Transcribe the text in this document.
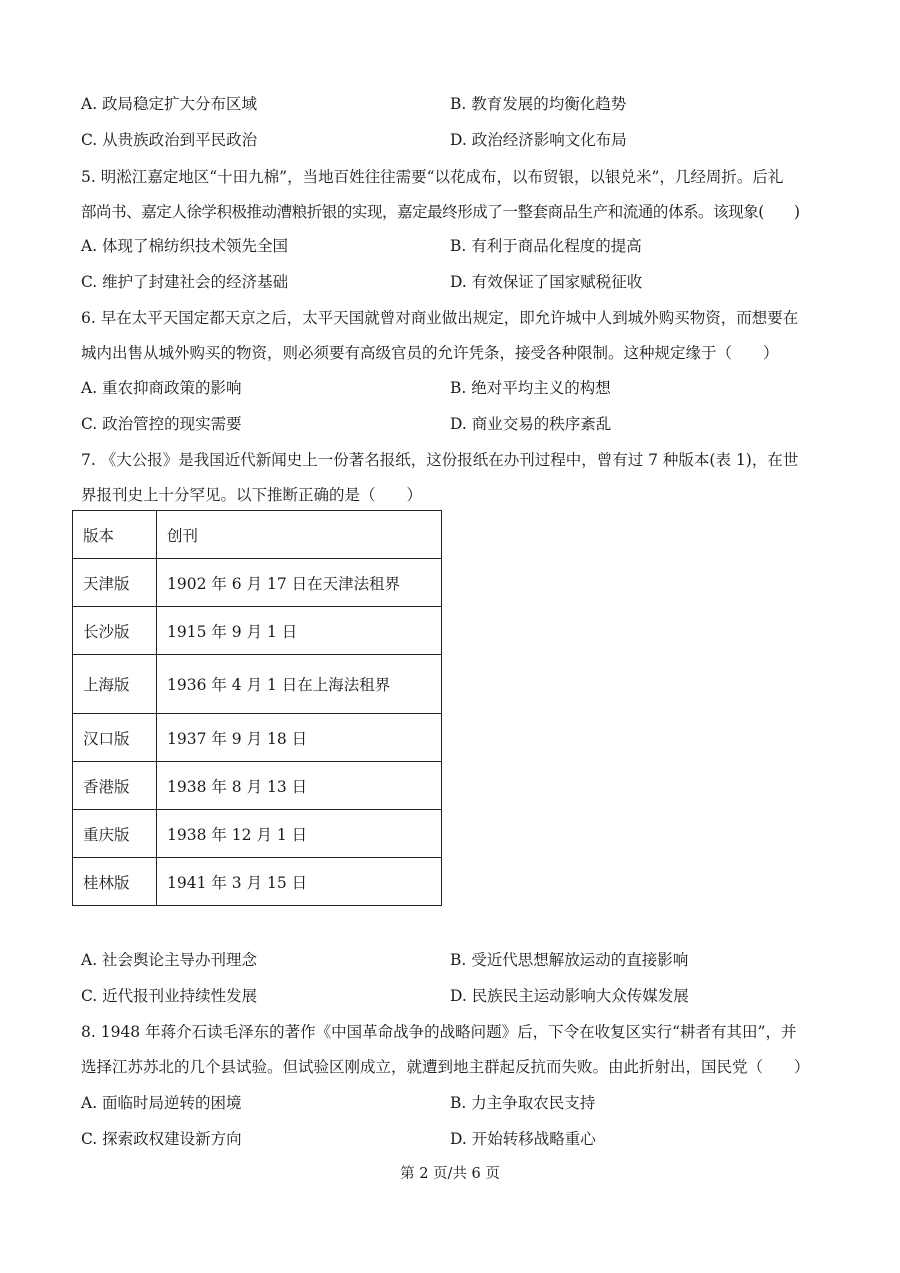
A. 政局稳定扩大分布区域	B. 教育发展的均衡化趋势
C. 从贵族政治到平民政治	D. 政治经济影响文化布局
5. 明淞江嘉定地区“十田九棉”，当地百姓往往需要“以花成布，以布贸银，以银兑米”，几经周折。后礼
部尚书、嘉定人徐学积极推动漕粮折银的实现，嘉定最终形成了一整套商品生产和流通的体系。该现象(　　)
A. 体现了棉纺织技术领先全国	B. 有利于商品化程度的提高
C. 维护了封建社会的经济基础	D. 有效保证了国家赋税征收
6. 早在太平天国定都天京之后，太平天国就曾对商业做出规定，即允许城中人到城外购买物资，而想要在
城内出售从城外购买的物资，则必须要有高级官员的允许凭条，接受各种限制。这种规定缘于（　　）
A. 重农抑商政策的影响	B. 绝对平均主义的构想
C. 政治管控的现实需要	D. 商业交易的秩序紊乱
7. 《大公报》是我国近代新闻史上一份著名报纸，这份报纸在办刊过程中，曾有过 7 种版本(表 1)，在世
界报刊史上十分罕见。以下推断正确的是（　　）
版本	创刊
天津版	1902 年 6 月 17 日在天津法租界
长沙版	1915 年 9 月 1 日
上海版	1936 年 4 月 1 日在上海法租界
汉口版	1937 年 9 月 18 日
香港版	1938 年 8 月 13 日
重庆版	1938 年 12 月 1 日
桂林版	1941 年 3 月 15 日
A. 社会舆论主导办刊理念	B. 受近代思想解放运动的直接影响
C. 近代报刊业持续性发展	D. 民族民主运动影响大众传媒发展
8. 1948 年蒋介石读毛泽东的著作《中国革命战争的战略问题》后，下令在收复区实行“耕者有其田”，并
选择江苏苏北的几个县试验。但试验区刚成立，就遭到地主群起反抗而失败。由此折射出，国民党（　　）
A. 面临时局逆转的困境	B. 力主争取农民支持
C. 探索政权建设新方向	D. 开始转移战略重心
第 2 页/共 6 页
